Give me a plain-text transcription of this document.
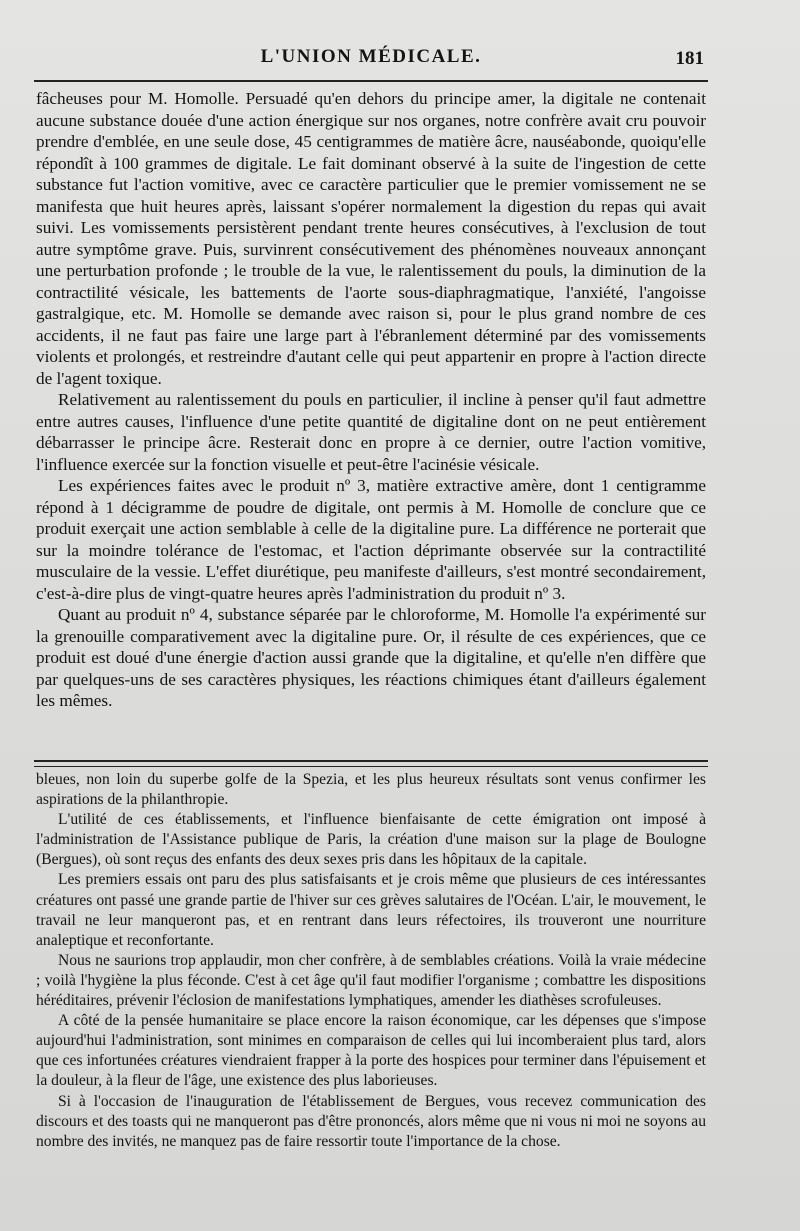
L'UNION MÉDICALE.	181

fâcheuses pour M. Homolle. Persuadé qu'en dehors du principe amer, la digitale ne contenait aucune substance douée d'une action énergique sur nos organes, notre confrère avait cru pouvoir prendre d'emblée, en une seule dose, 45 centigrammes de matière âcre, nauséabonde, quoiqu'elle répondît à 100 grammes de digitale. Le fait dominant observé à la suite de l'ingestion de cette substance fut l'action vomitive, avec ce caractère particulier que le premier vomissement ne se manifesta que huit heures après, laissant s'opérer normalement la digestion du repas qui avait suivi. Les vomissements persistèrent pendant trente heures consécutives, à l'exclusion de tout autre symptôme grave. Puis, survinrent consécutivement des phénomènes nouveaux annonçant une perturbation profonde ; le trouble de la vue, le ralentissement du pouls, la diminution de la contractilité vésicale, les battements de l'aorte sous-diaphragmatique, l'anxiété, l'angoisse gastralgique, etc. M. Homolle se demande avec raison si, pour le plus grand nombre de ces accidents, il ne faut pas faire une large part à l'ébranlement déterminé par des vomissements violents et prolongés, et restreindre d'autant celle qui peut appartenir en propre à l'action directe de l'agent toxique.

Relativement au ralentissement du pouls en particulier, il incline à penser qu'il faut admettre entre autres causes, l'influence d'une petite quantité de digitaline dont on ne peut entièrement débarrasser le principe âcre. Resterait donc en propre à ce dernier, outre l'action vomitive, l'influence exercée sur la fonction visuelle et peut-être l'acinésie vésicale.

Les expériences faites avec le produit nº 3, matière extractive amère, dont 1 centigramme répond à 1 décigramme de poudre de digitale, ont permis à M. Homolle de conclure que ce produit exerçait une action semblable à celle de la digitaline pure. La différence ne porterait que sur la moindre tolérance de l'estomac, et l'action déprimante observée sur la contractilité musculaire de la vessie. L'effet diurétique, peu manifeste d'ailleurs, s'est montré secondairement, c'est-à-dire plus de vingt-quatre heures après l'administration du produit nº 3.

Quant au produit nº 4, substance séparée par le chloroforme, M. Homolle l'a expérimenté sur la grenouille comparativement avec la digitaline pure. Or, il résulte de ces expériences, que ce produit est doué d'une énergie d'action aussi grande que la digitaline, et qu'elle n'en diffère que par quelques-uns de ses caractères physiques, les réactions chimiques étant d'ailleurs également les mêmes.

bleues, non loin du superbe golfe de la Spezia, et les plus heureux résultats sont venus confirmer les aspirations de la philanthropie.

L'utilité de ces établissements, et l'influence bienfaisante de cette émigration ont imposé à l'administration de l'Assistance publique de Paris, la création d'une maison sur la plage de Boulogne (Bergues), où sont reçus des enfants des deux sexes pris dans les hôpitaux de la capitale.

Les premiers essais ont paru des plus satisfaisants et je crois même que plusieurs de ces intéressantes créatures ont passé une grande partie de l'hiver sur ces grèves salutaires de l'Océan. L'air, le mouvement, le travail ne leur manqueront pas, et en rentrant dans leurs réfectoires, ils trouveront une nourriture analeptique et reconfortante.

Nous ne saurions trop applaudir, mon cher confrère, à de semblables créations. Voilà la vraie médecine ; voilà l'hygiène la plus féconde. C'est à cet âge qu'il faut modifier l'organisme ; combattre les dispositions héréditaires, prévenir l'éclosion de manifestations lymphatiques, amender les diathèses scrofuleuses.

A côté de la pensée humanitaire se place encore la raison économique, car les dépenses que s'impose aujourd'hui l'administration, sont minimes en comparaison de celles qui lui incomberaient plus tard, alors que ces infortunées créatures viendraient frapper à la porte des hospices pour terminer dans l'épuisement et la douleur, à la fleur de l'âge, une existence des plus laborieuses.

Si à l'occasion de l'inauguration de l'établissement de Bergues, vous recevez communication des discours et des toasts qui ne manqueront pas d'être prononcés, alors même que ni vous ni moi ne soyons au nombre des invités, ne manquez pas de faire ressortir toute l'importance de la chose.
